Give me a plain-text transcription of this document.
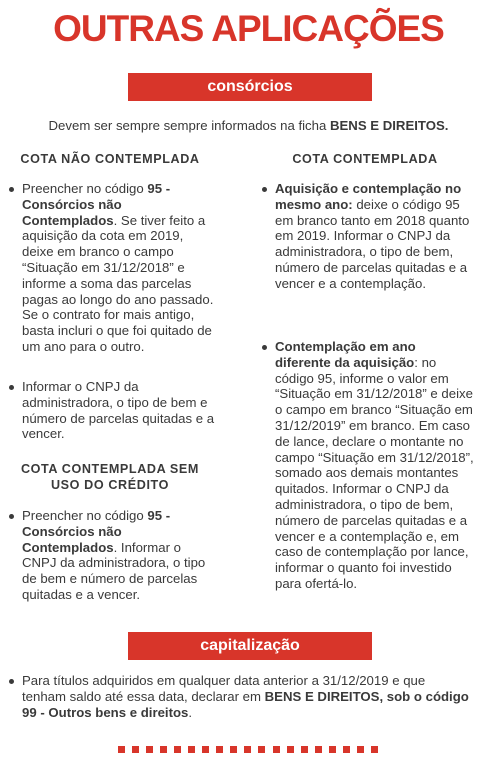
OUTRAS APLICAÇÕES
consórcios
Devem ser sempre sempre informados na ficha BENS E DIREITOS.
COTA NÃO CONTEMPLADA
Preencher no código 95 - Consórcios não Contemplados. Se tiver feito a aquisição da cota em 2019, deixe em branco o campo “Situação em 31/12/2018” e informe a soma das parcelas pagas ao longo do ano passado. Se o contrato for mais antigo, basta incluri o que foi quitado de um ano para o outro.
Informar o CNPJ da administradora, o tipo de bem e número de parcelas quitadas e a vencer.
COTA CONTEMPLADA SEM USO DO CRÉDITO
Preencher no código 95 - Consórcios não Contemplados. Informar o CNPJ da administradora, o tipo de bem e número de parcelas quitadas e a vencer.
COTA CONTEMPLADA
Aquisição e contemplação no mesmo ano: deixe o código 95 em branco tanto em 2018 quanto em 2019. Informar o CNPJ da administradora, o tipo de bem, número de parcelas quitadas e a vencer e a contemplação.
Contemplação em ano diferente da aquisição: no código 95, informe o valor em “Situação em 31/12/2018” e deixe o campo em branco “Situação em 31/12/2019” em branco. Em caso de lance, declare o montante no campo “Situação em 31/12/2018”, somado aos demais montantes quitados. Informar o CNPJ da administradora, o tipo de bem, número de parcelas quitadas e a vencer e a contemplação e, em caso de contemplação por lance, informar o quanto foi investido para ofertá-lo.
capitalização
Para títulos adquiridos em qualquer data anterior a 31/12/2019 e que tenham saldo até essa data, declarar em BENS E DIREITOS, sob o código 99 - Outros bens e direitos.
